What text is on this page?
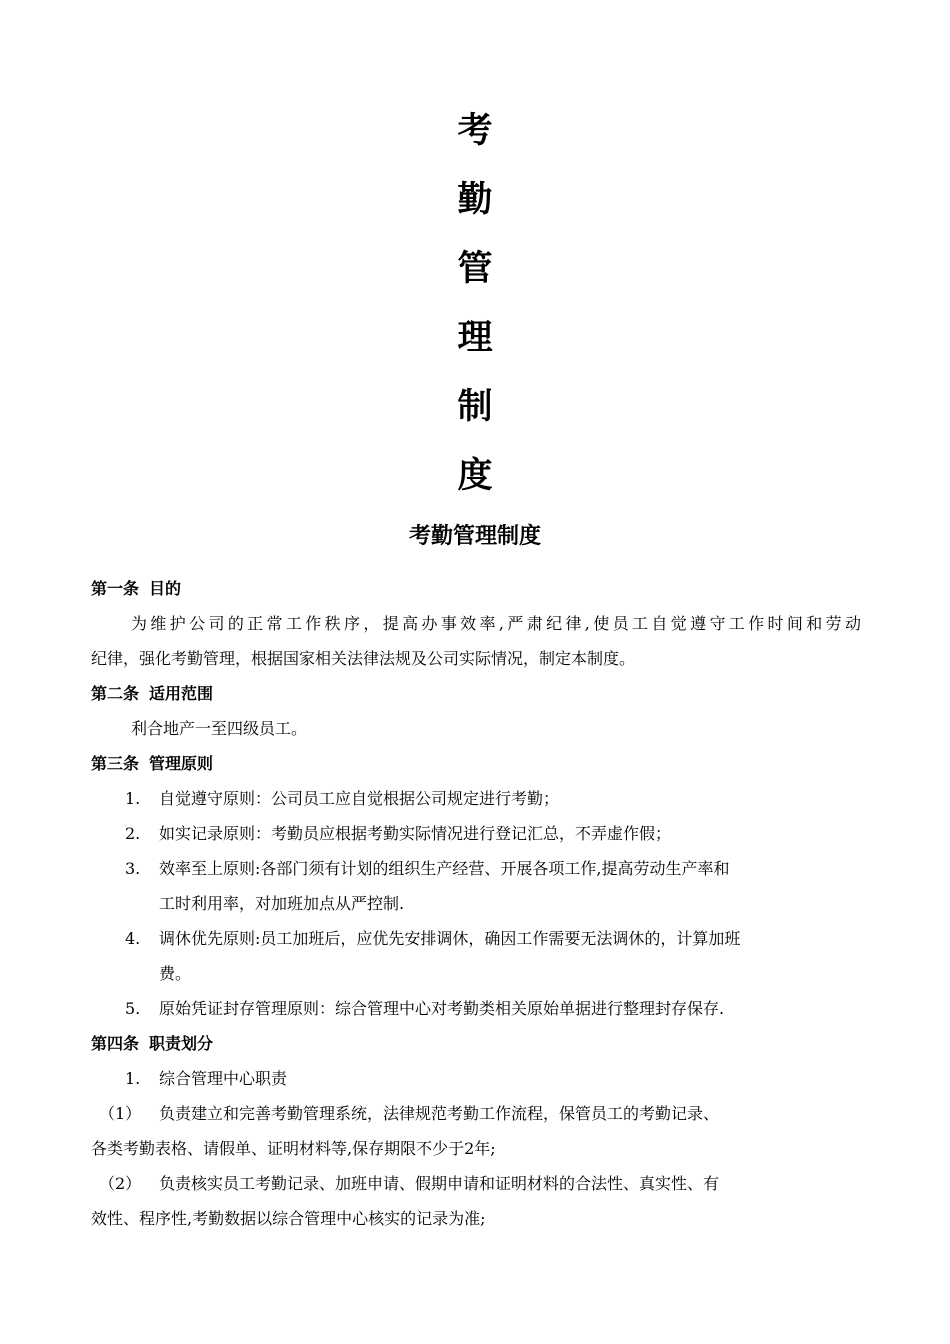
考
勤
管
理
制
度
考勤管理制度
第一条 目的
为维护公司的正常工作秩序，提高办事效率,严肃纪律,使员工自觉遵守工作时间和劳动
纪律，强化考勤管理，根据国家相关法律法规及公司实际情况，制定本制度。
第二条 适用范围
利合地产一至四级员工。
第三条 管理原则
1. 自觉遵守原则：公司员工应自觉根据公司规定进行考勤；
2. 如实记录原则：考勤员应根据考勤实际情况进行登记汇总，不弄虚作假；
3. 效率至上原则:各部门须有计划的组织生产经营、开展各项工作,提高劳动生产率和
工时利用率，对加班加点从严控制.
4. 调休优先原则:员工加班后，应优先安排调休，确因工作需要无法调休的，计算加班
费。
5. 原始凭证封存管理原则：综合管理中心对考勤类相关原始单据进行整理封存保存.
第四条 职责划分
1. 综合管理中心职责
（1） 负责建立和完善考勤管理系统，法律规范考勤工作流程，保管员工的考勤记录、
各类考勤表格、请假单、证明材料等,保存期限不少于2年;
（2） 负责核实员工考勤记录、加班申请、假期申请和证明材料的合法性、真实性、有
效性、程序性,考勤数据以综合管理中心核实的记录为准;
